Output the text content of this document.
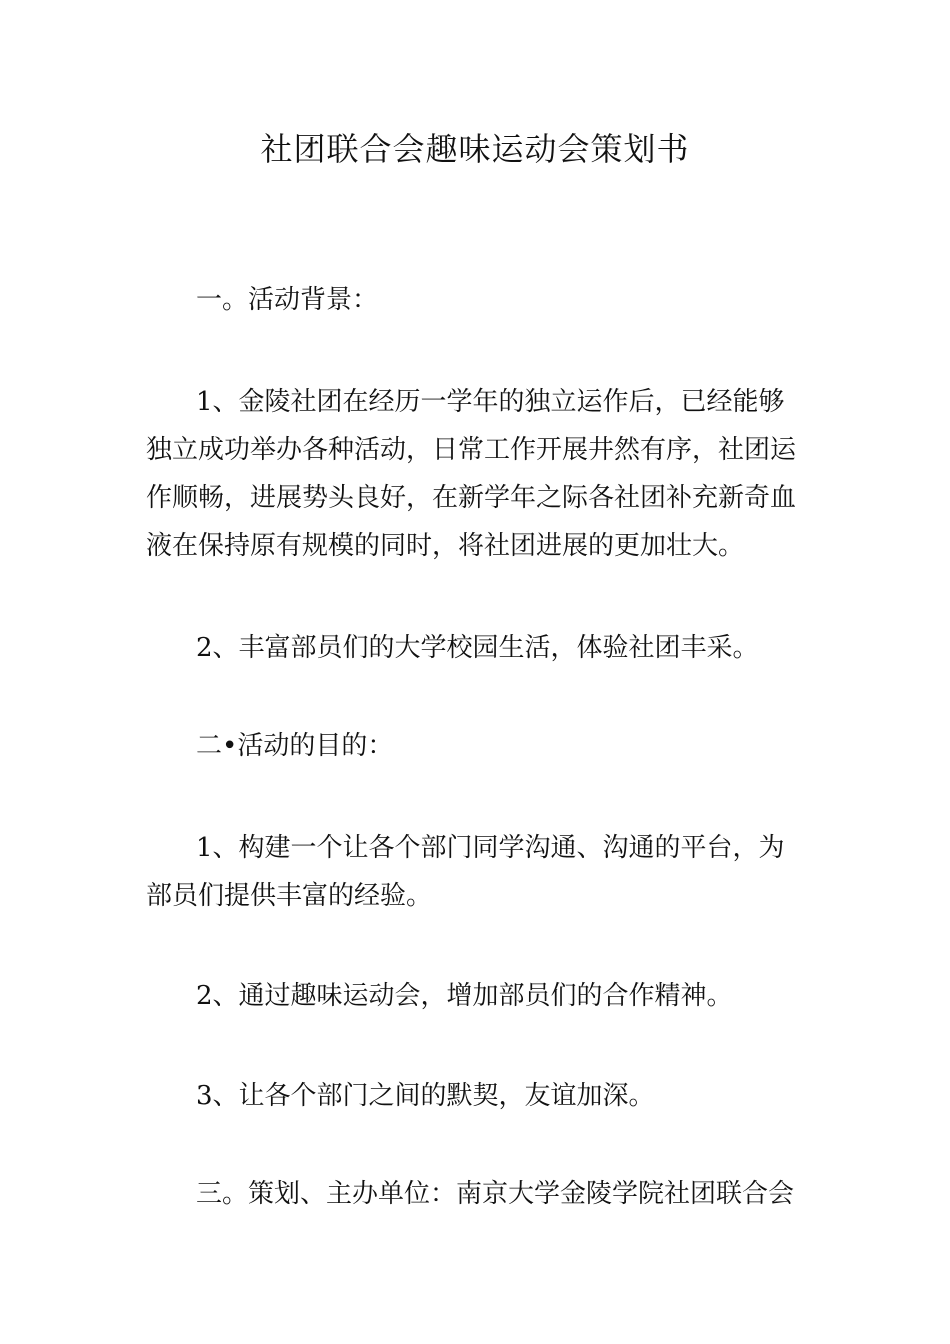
社团联合会趣味运动会策划书

一。活动背景：

1、金陵社团在经历一学年的独立运作后，已经能够独立成功举办各种活动，日常工作开展井然有序，社团运作顺畅，进展势头良好，在新学年之际各社团补充新奇血液在保持原有规模的同时，将社团进展的更加壮大。

2、丰富部员们的大学校园生活，体验社团丰采。

二•活动的目的：

1、构建一个让各个部门同学沟通、沟通的平台，为部员们提供丰富的经验。

2、通过趣味运动会，增加部员们的合作精神。

3、让各个部门之间的默契，友谊加深。

三。策划、主办单位：南京大学金陵学院社团联合会
